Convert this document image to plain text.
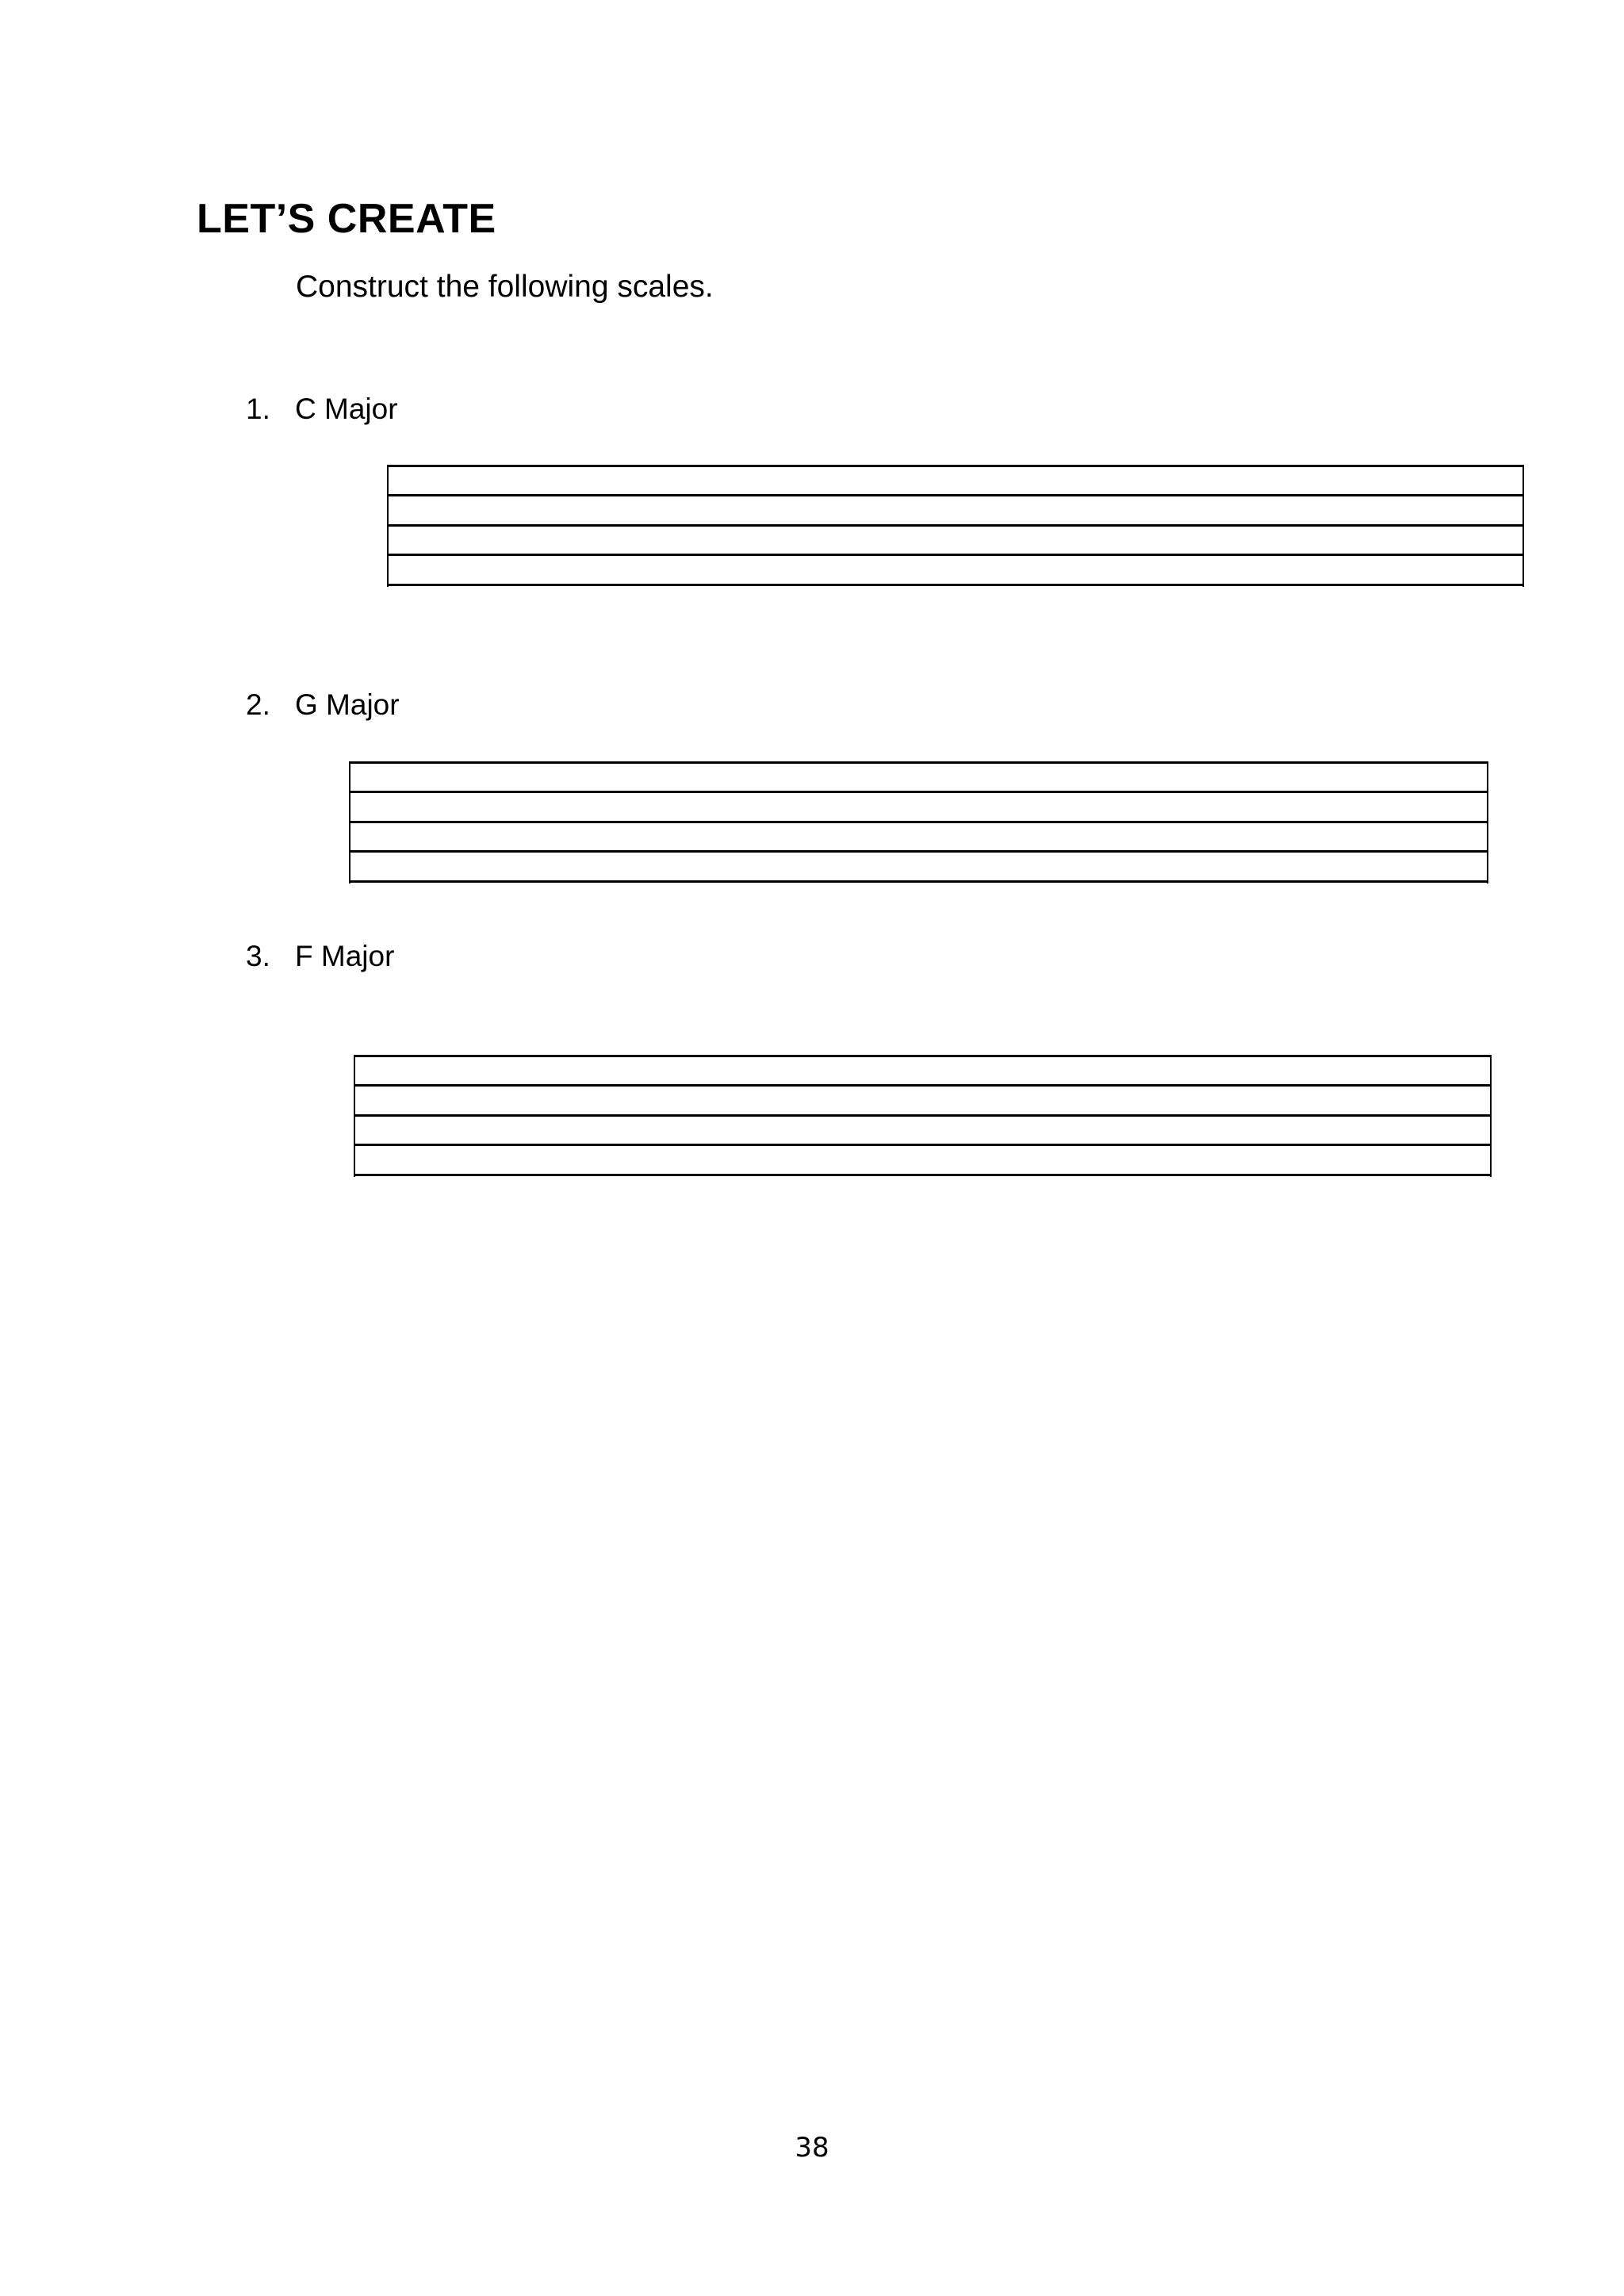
LET’S CREATE

Construct the following scales.

1. C Major
2. G Major
3. F Major

38
